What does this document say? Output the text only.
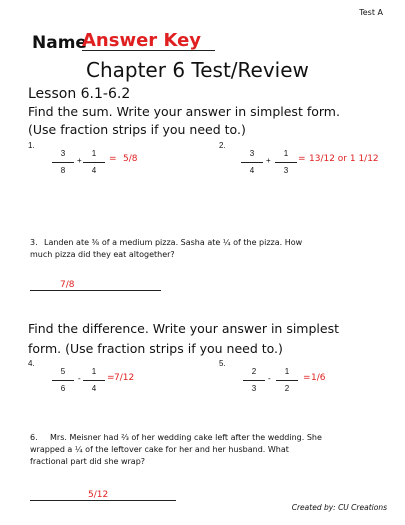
Test A
Name
Answer Key
Chapter 6 Test/Review
Lesson 6.1-6.2
Find the sum. Write your answer in simplest form.
(Use fraction strips if you need to.)
1.
3
8
+
1
4
= 5/8
2.
3
4
+
1
3
= 13/12 or 1 1/12
3. Landen ate ⅜ of a medium pizza. Sasha ate ¼ of the pizza. How
much pizza did they eat altogether?
7/8
Find the difference. Write your answer in simplest
form. (Use fraction strips if you need to.)
4.
5
6
-
1
4
= 7/12
5.
2
3
-
1
2
= 1/6
6. Mrs. Meisner had ⅔ of her wedding cake left after the wedding. She
wrapped a ¼ of the leftover cake for her and her husband. What
fractional part did she wrap?
5/12
Created by: CU Creations
